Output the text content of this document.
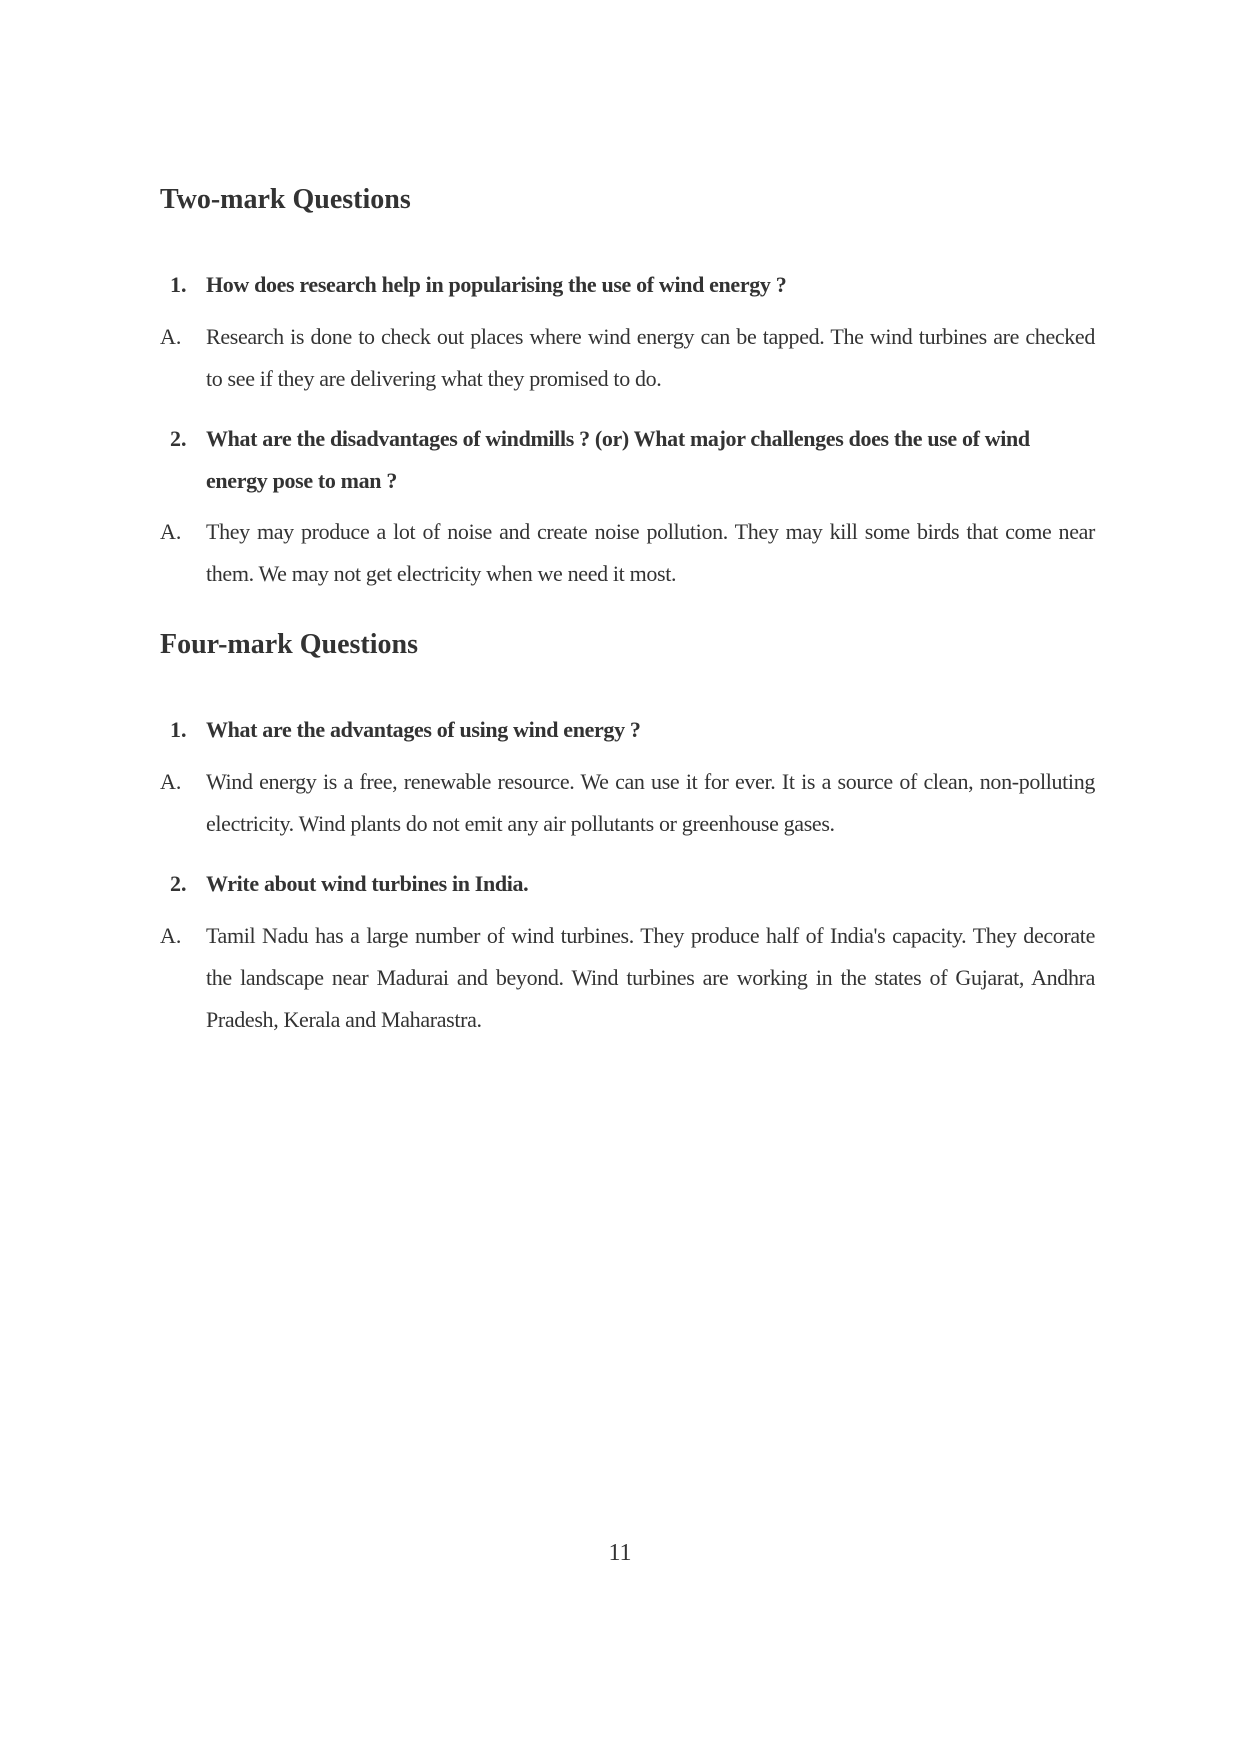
Two-mark Questions
1. How does research help in popularising the use of wind energy ?
A.	Research is done to check out places where wind energy can be tapped. The wind turbines are checked to see if they are delivering what they promised to do.
2. What are the disadvantages of windmills ? (or) What major challenges does the use of wind energy pose to man ?
A.	They may produce a lot of noise and create noise pollution. They may kill some birds that come near them. We may not get electricity when we need it most.
Four-mark Questions
1. What are the advantages of using wind energy ?
A.	Wind energy is a free, renewable resource. We can use it for ever. It is a source of clean, non-polluting electricity. Wind plants do not emit any air pollutants or greenhouse gases.
2. Write about wind turbines in India.
A.	Tamil Nadu has a large number of wind turbines. They produce half of India's capacity. They decorate the landscape near Madurai and beyond. Wind turbines are working in the states of Gujarat, Andhra Pradesh, Kerala and Maharastra.
11
